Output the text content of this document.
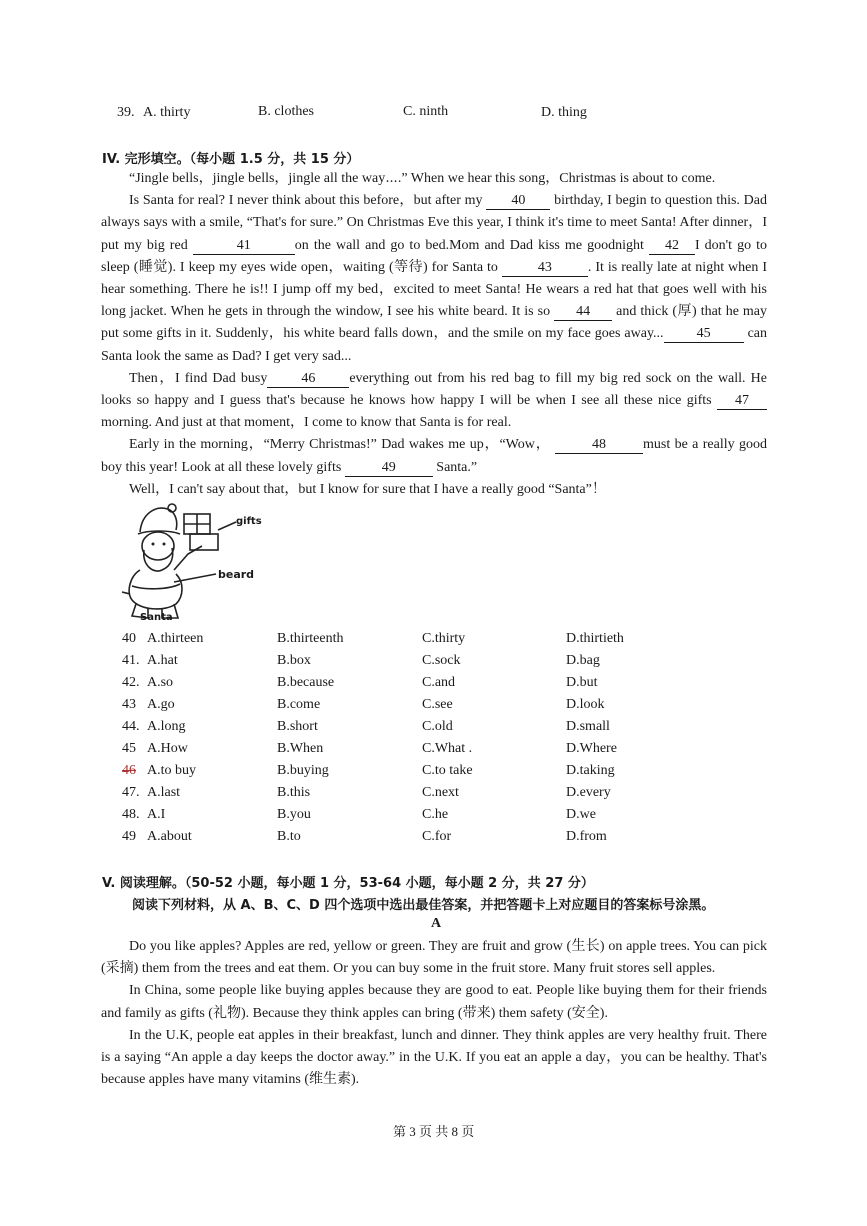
39. A. thirty	B. clothes	C. ninth	D. thing
IV. 完形填空。（每小题 1.5 分，共 15 分）

“Jingle bells，jingle bells，jingle all the way⋯.” When we hear this song，Christmas is about to come.

Is Santa for real? I never think about this before，but after my 40 birthday, I begin to question this. Dad always says with a smile, “That's for sure.” On Christmas Eve this year, I think it's time to meet Santa! After dinner，I put my big red	41	on the wall and go to bed.Mom and Dad kiss me goodnight 42 I don't go to sleep (睡觉). I keep my eyes wide open，waiting (等待) for Santa to	43	. It is really late at night when I hear something. There he is!! I jump off my bed，excited to meet Santa! He wears a red hat that goes well with his long jacket. When he gets in through the window, I see his white beard. It is so 44 and thick (厚) that he may put some gifts in it. Suddenly，his white beard falls down，and the smile on my face goes away... 45	can Santa look the same as Dad? I get very sad...

Then，I find Dad busy 46 everything out from his red bag to fill my big red sock on the wall. He looks so happy and I guess that's because he knows how happy I will be when I see all these nice gifts 47 morning. And just at that moment，I come to know that Santa is for real.

Early in the morning，“Merry Christmas!” Dad wakes me up，“Wow，	48	must be a really good boy this year! Look at all these lovely gifts	49	Santa.”

Well，I can't say about that，but I know for sure that I have a really good “Santa”！

gifts
beard
Santa
40 A.thirteen	B.thirteenth	C.thirty	D.thirtieth
41. A.hat	B.box	C.sock	D.bag
42. A.so	B.because	C.and	D.but
43 A.go	B.come	C.see	D.look
44. A.long	B.short	C.old	D.small
45 A.How	B.When	C.What .	D.Where
46 A.to buy	B.buying	C.to take	D.taking
47. A.last	B.this	C.next	D.every
48. A.I	B.you	C.he	D.we
49 A.about	B.to	C.for	D.from
V. 阅读理解。（50-52 小题，每小题 1 分，53-64 小题，每小题 2 分，共 27 分）
阅读下列材料，从 A、B、C、D 四个选项中选出最佳答案，并把答题卡上对应题目的答案标号涂黑。
A

Do you like apples? Apples are red, yellow or green. They are fruit and grow (生长) on apple trees. You can pick (采摘) them from the trees and eat them. Or you can buy some in the fruit store. Many fruit stores sell apples.

In China, some people like buying apples because they are good to eat. People like buying them for their friends and family as gifts (礼物). Because they think apples can bring (带来) them safety (安全).

In the U.K, people eat apples in their breakfast, lunch and dinner. They think apples are very healthy fruit. There is a saying “An apple a day keeps the doctor away.” in the U.K. If you eat an apple a day，you can be healthy. That's because apples have many vitamins (维生素).

第 3 页 共 8 页
